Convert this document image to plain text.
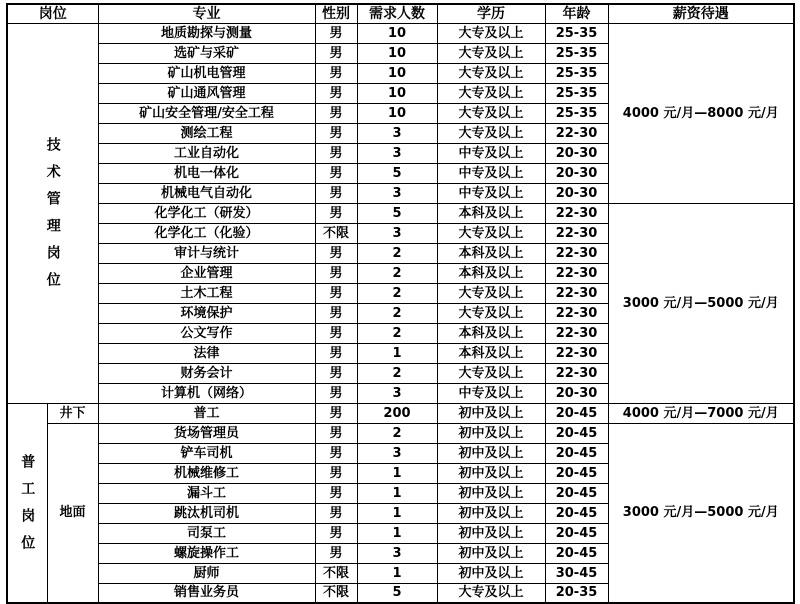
岗位		专业	性别	需求人数	学历	年龄	薪资待遇
技术管理岗位		地质勘探与测量	男	10	大专及以上	25-35	4000 元/月—8000 元/月
		选矿与采矿	男	10	大专及以上	25-35	
		矿山机电管理	男	10	大专及以上	25-35	
		矿山通风管理	男	10	大专及以上	25-35	
		矿山安全管理/安全工程	男	10	大专及以上	25-35	
		测绘工程	男	3	大专及以上	22-30	
		工业自动化	男	3	中专及以上	20-30	
		机电一体化	男	5	中专及以上	20-30	
		机械电气自动化	男	3	中专及以上	20-30	
		化学化工（研发）	男	5	本科及以上	22-30	3000 元/月—5000 元/月
		化学化工（化验）	不限	3	大专及以上	22-30	
		审计与统计	男	2	本科及以上	22-30	
		企业管理	男	2	本科及以上	22-30	
		土木工程	男	2	大专及以上	22-30	
		环境保护	男	2	大专及以上	22-30	
		公文写作	男	2	本科及以上	22-30	
		法律	男	1	本科及以上	22-30	
		财务会计	男	2	大专及以上	22-30	
		计算机（网络）	男	3	中专及以上	20-30	
普工岗位	井下	普工	男	200	初中及以上	20-45	4000 元/月—7000 元/月
	地面	货场管理员	男	2	初中及以上	20-45	3000 元/月—5000 元/月
		铲车司机	男	3	初中及以上	20-45	
		机械维修工	男	1	初中及以上	20-45	
		漏斗工	男	1	初中及以上	20-45	
		跳汰机司机	男	1	初中及以上	20-45	
		司泵工	男	1	初中及以上	20-45	
		螺旋操作工	男	3	初中及以上	20-45	
		厨师	不限	1	初中及以上	30-45	
		销售业务员	不限	5	大专及以上	20-35	
